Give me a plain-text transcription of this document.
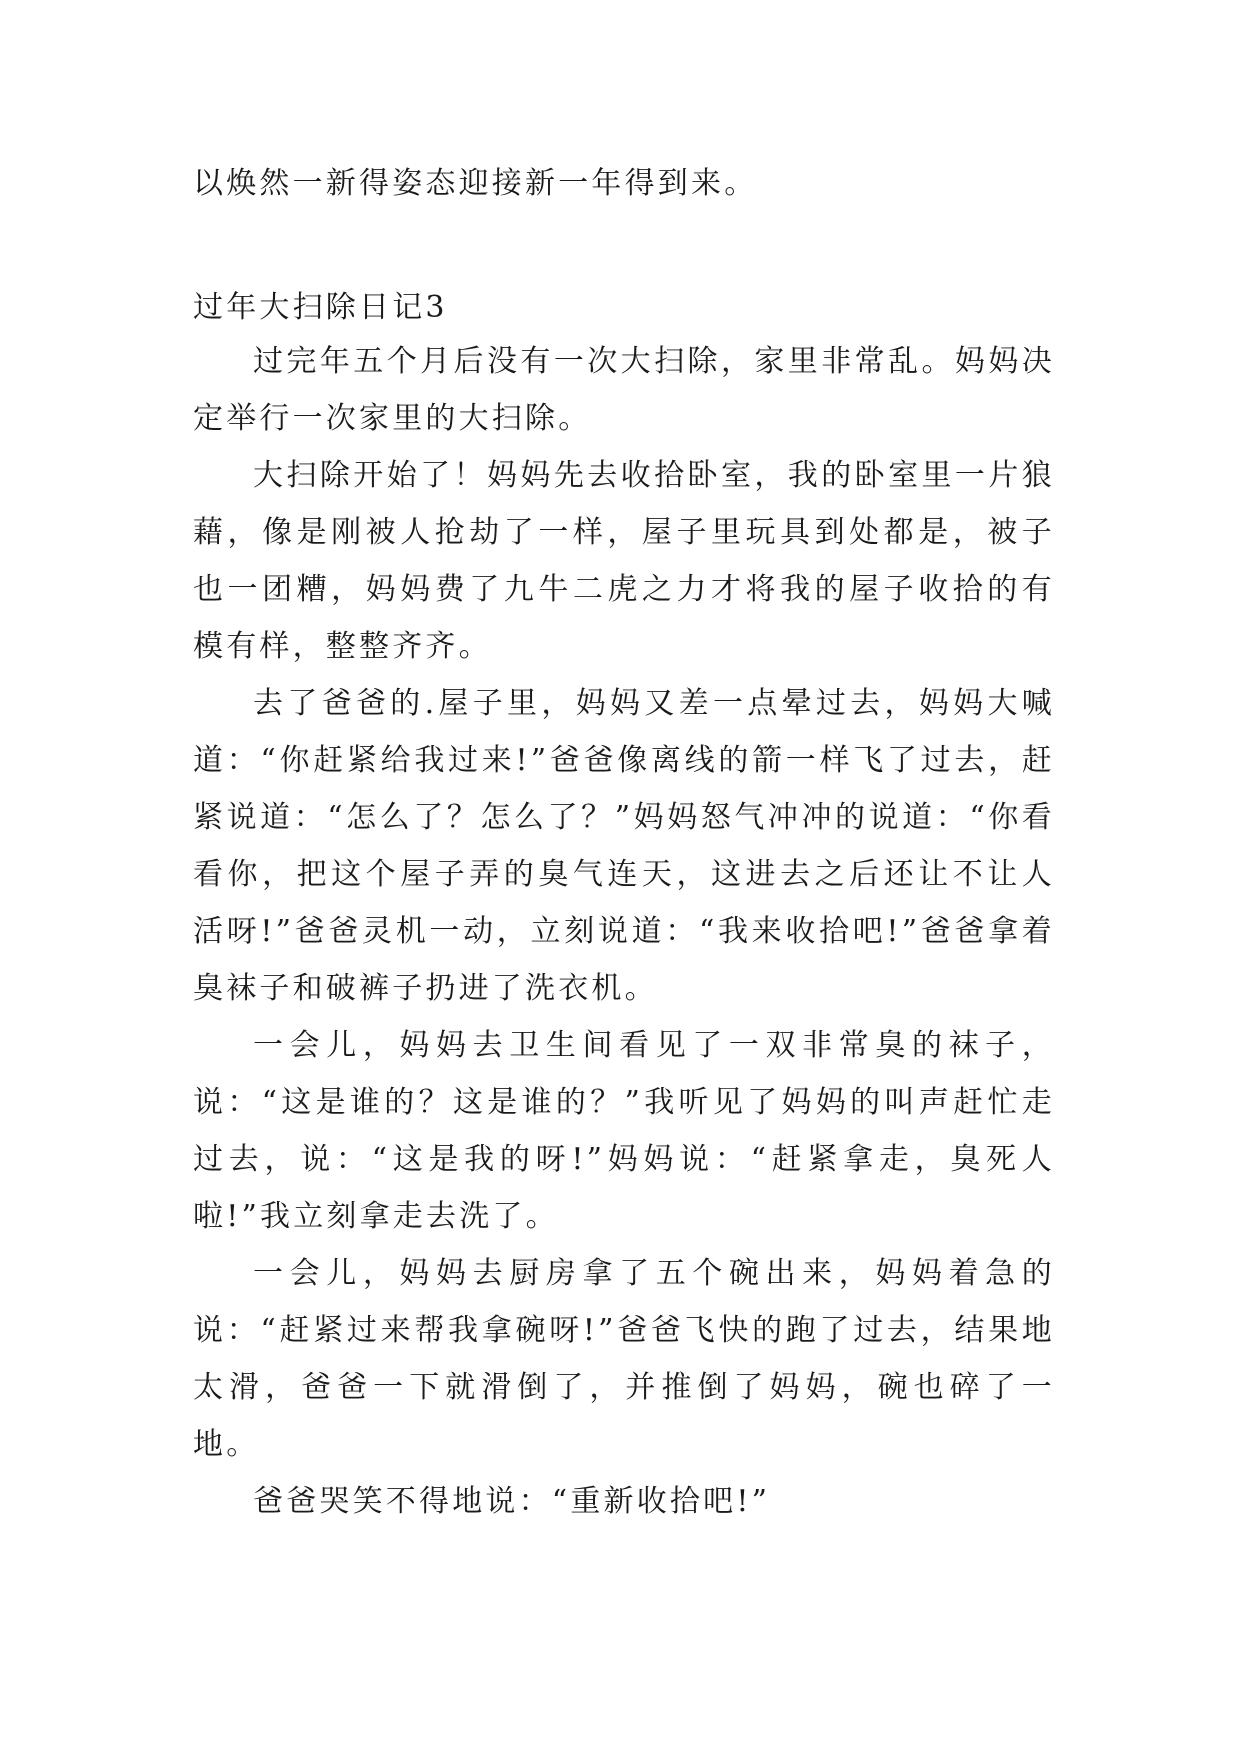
以焕然一新得姿态迎接新一年得到来。

过年大扫除日记3

过完年五个月后没有一次大扫除，家里非常乱。妈妈决定举行一次家里的大扫除。

大扫除开始了！妈妈先去收拾卧室，我的卧室里一片狼藉，像是刚被人抢劫了一样，屋子里玩具到处都是，被子也一团糟，妈妈费了九牛二虎之力才将我的屋子收拾的有模有样，整整齐齐。

去了爸爸的.屋子里，妈妈又差一点晕过去，妈妈大喊道：“你赶紧给我过来!”爸爸像离线的箭一样飞了过去，赶紧说道：“怎么了？怎么了？”妈妈怒气冲冲的说道：“你看看你，把这个屋子弄的臭气连天，这进去之后还让不让人活呀!”爸爸灵机一动，立刻说道：“我来收拾吧!”爸爸拿着臭袜子和破裤子扔进了洗衣机。

一会儿，妈妈去卫生间看见了一双非常臭的袜子，说：“这是谁的？这是谁的？”我听见了妈妈的叫声赶忙走过去，说：“这是我的呀!”妈妈说：“赶紧拿走，臭死人啦!”我立刻拿走去洗了。

一会儿，妈妈去厨房拿了五个碗出来，妈妈着急的说：“赶紧过来帮我拿碗呀!”爸爸飞快的跑了过去，结果地太滑，爸爸一下就滑倒了，并推倒了妈妈，碗也碎了一地。

爸爸哭笑不得地说：“重新收拾吧!”
